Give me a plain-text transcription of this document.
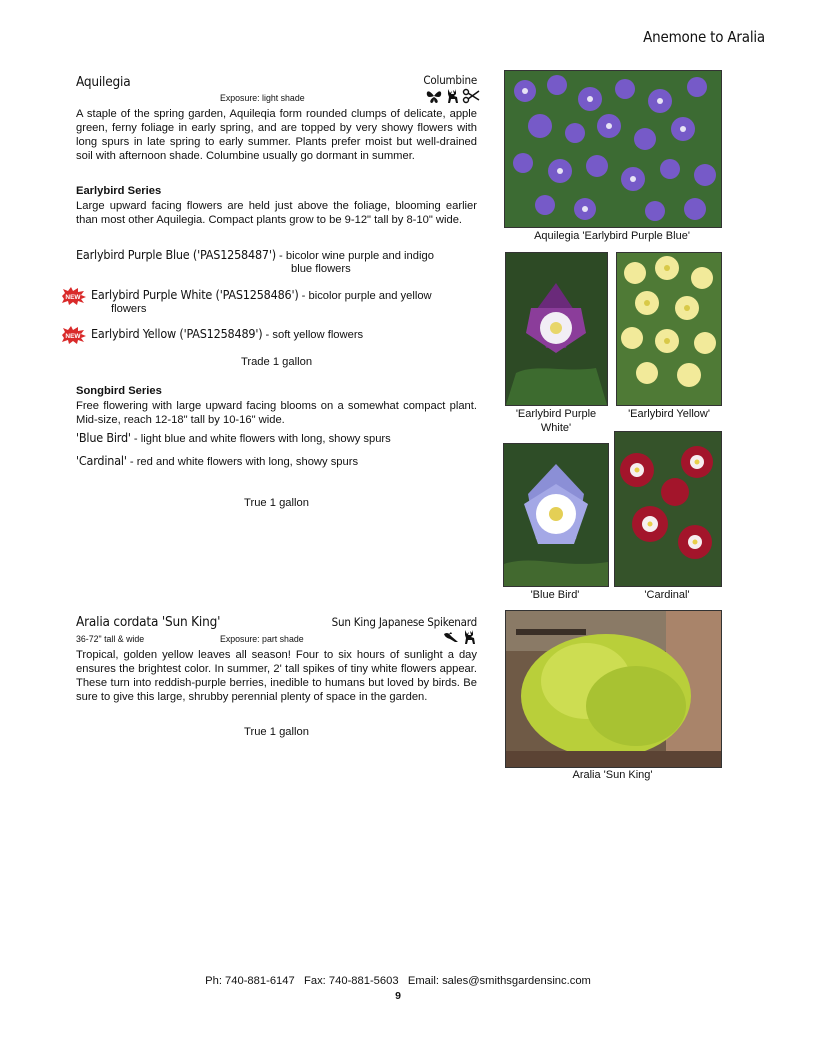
Anemone to Aralia
Aquilegia	Columbine
Exposure: light shade
A staple of the spring garden, Aquileqia form rounded clumps of delicate, apple green, ferny foliage in early spring, and are topped by very showy flowers with long spurs in late spring to early summer. Plants prefer moist but well-drained soil with afternoon shade. Columbine usually go dormant in summer.
Earlybird Series
Large upward facing flowers are held just above the foliage, blooming earlier than most other Aquilegia. Compact plants grow to be 9-12" tall by 8-10" wide.
Earlybird Purple Blue ('PAS1258487') - bicolor wine purple and indigo
blue flowers
NEW Earlybird Purple White ('PAS1258486') - bicolor purple and yellow
flowers
NEW Earlybird Yellow ('PAS1258489') - soft yellow flowers
Trade 1 gallon
Songbird Series
Free flowering with large upward facing blooms on a somewhat compact plant. Mid-size, reach 12-18" tall by 10-16" wide.
'Blue Bird' - light blue and white flowers with long, showy spurs
'Cardinal' - red and white flowers with long, showy spurs
True 1 gallon
Aralia cordata 'Sun King'	Sun King Japanese Spikenard
36-72" tall & wide	Exposure: part shade
Tropical, golden yellow leaves all season! Four to six hours of sunlight a day ensures the brightest color. In summer, 2' tall spikes of tiny white flowers appear. These turn into reddish-purple berries, inedible to humans but loved by birds. Be sure to give this large, shrubby perennial plenty of space in the garden.
True 1 gallon
Aquilegia 'Earlybird Purple Blue'
'Earlybird Purple
White'
'Earlybird Yellow'
'Blue Bird'	'Cardinal'
Aralia 'Sun King'
Ph: 740-881-6147   Fax: 740-881-5603   Email: sales@smithsgardensinc.com
9
